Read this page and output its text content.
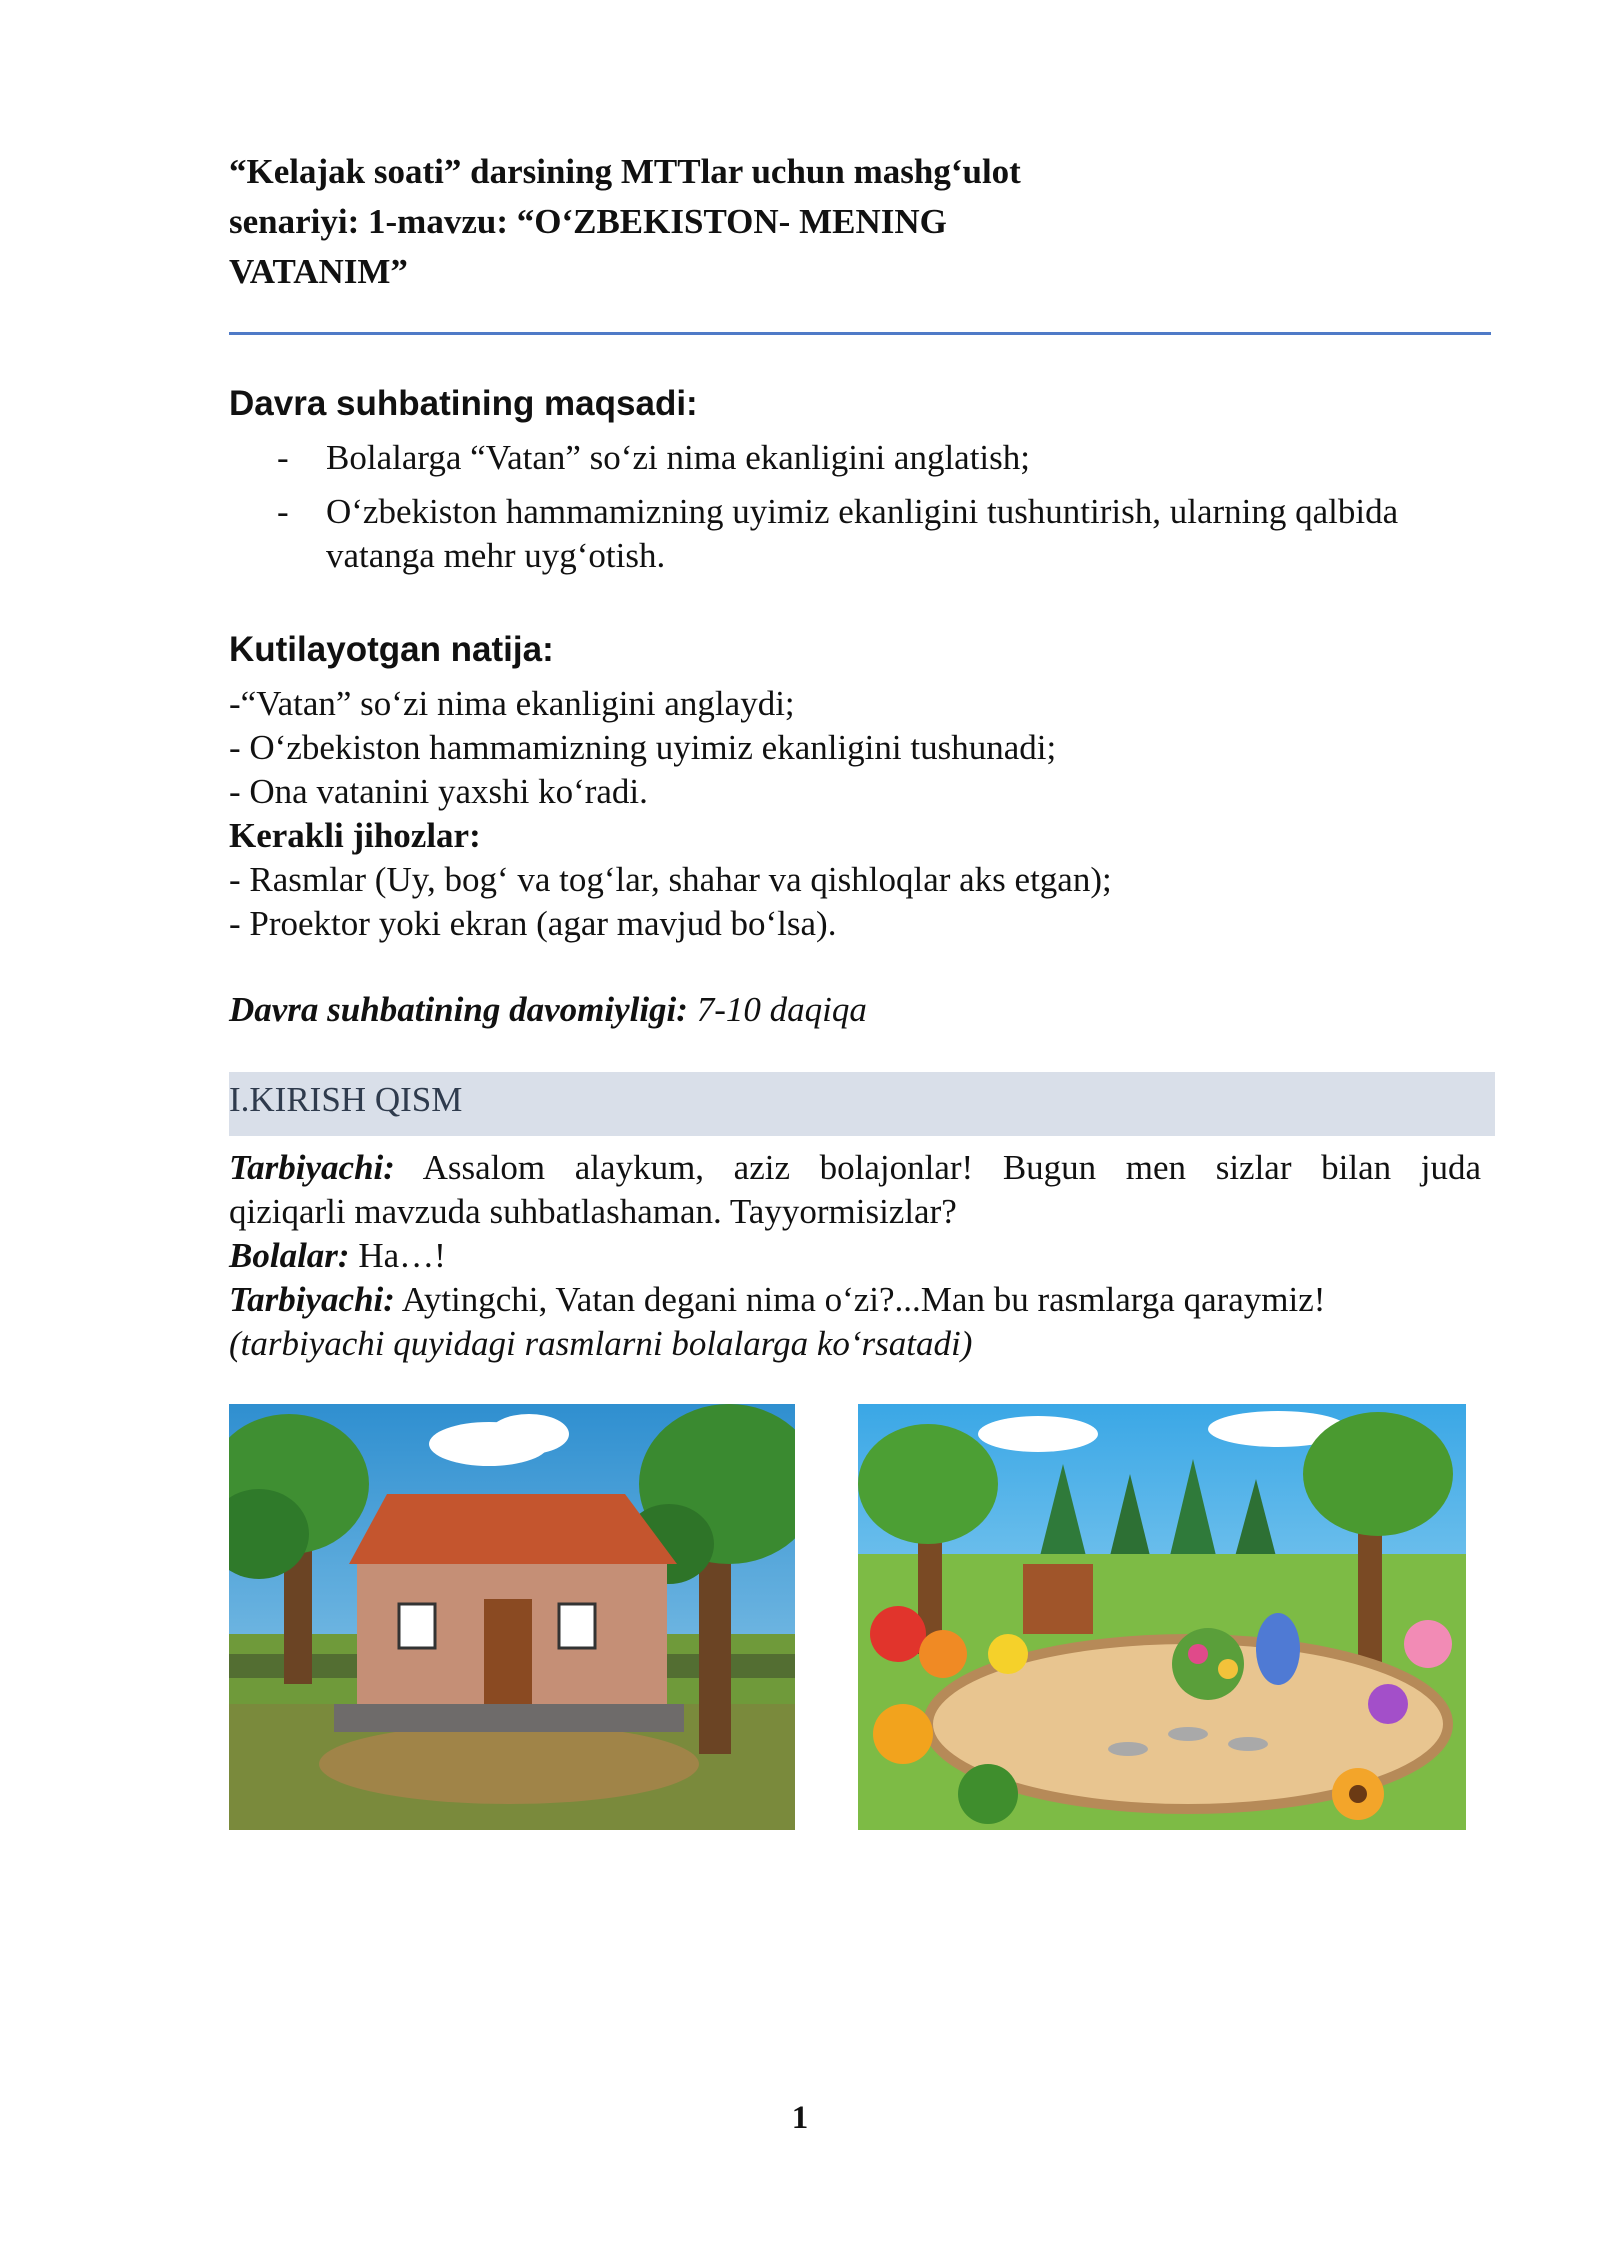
“Kelajak soati” darsining MTTlar uchun mashg‘ulot
senariyi: 1-mavzu: “O‘ZBEKISTON- MENING
VATANIM”
Davra suhbatining maqsadi:
- Bolalarga “Vatan” so‘zi nima ekanligini anglatish;
- O‘zbekiston hammamizning uyimiz ekanligini tushuntirish, ularning qalbida
vatanga mehr uyg‘otish.
Kutilayotgan natija:
-“Vatan” so‘zi nima ekanligini anglaydi;
- O‘zbekiston hammamizning uyimiz ekanligini tushunadi;
- Ona vatanini yaxshi ko‘radi.
Kerakli jihozlar:
- Rasmlar (Uy, bog‘ va tog‘lar, shahar va qishloqlar aks etgan);
- Proektor yoki ekran (agar mavjud bo‘lsa).
Davra suhbatining davomiyligi: 7-10 daqiqa
I.KIRISH QISM
Tarbiyachi: Assalom alaykum, aziz bolajonlar! Bugun men sizlar bilan juda
qiziqarli mavzuda suhbatlashaman. Tayyormisizlar?
Bolalar: Ha…!
Tarbiyachi: Aytingchi, Vatan degani nima o‘zi?...Man bu rasmlarga qaraymiz!
(tarbiyachi quyidagi rasmlarni bolalarga ko‘rsatadi)
1
